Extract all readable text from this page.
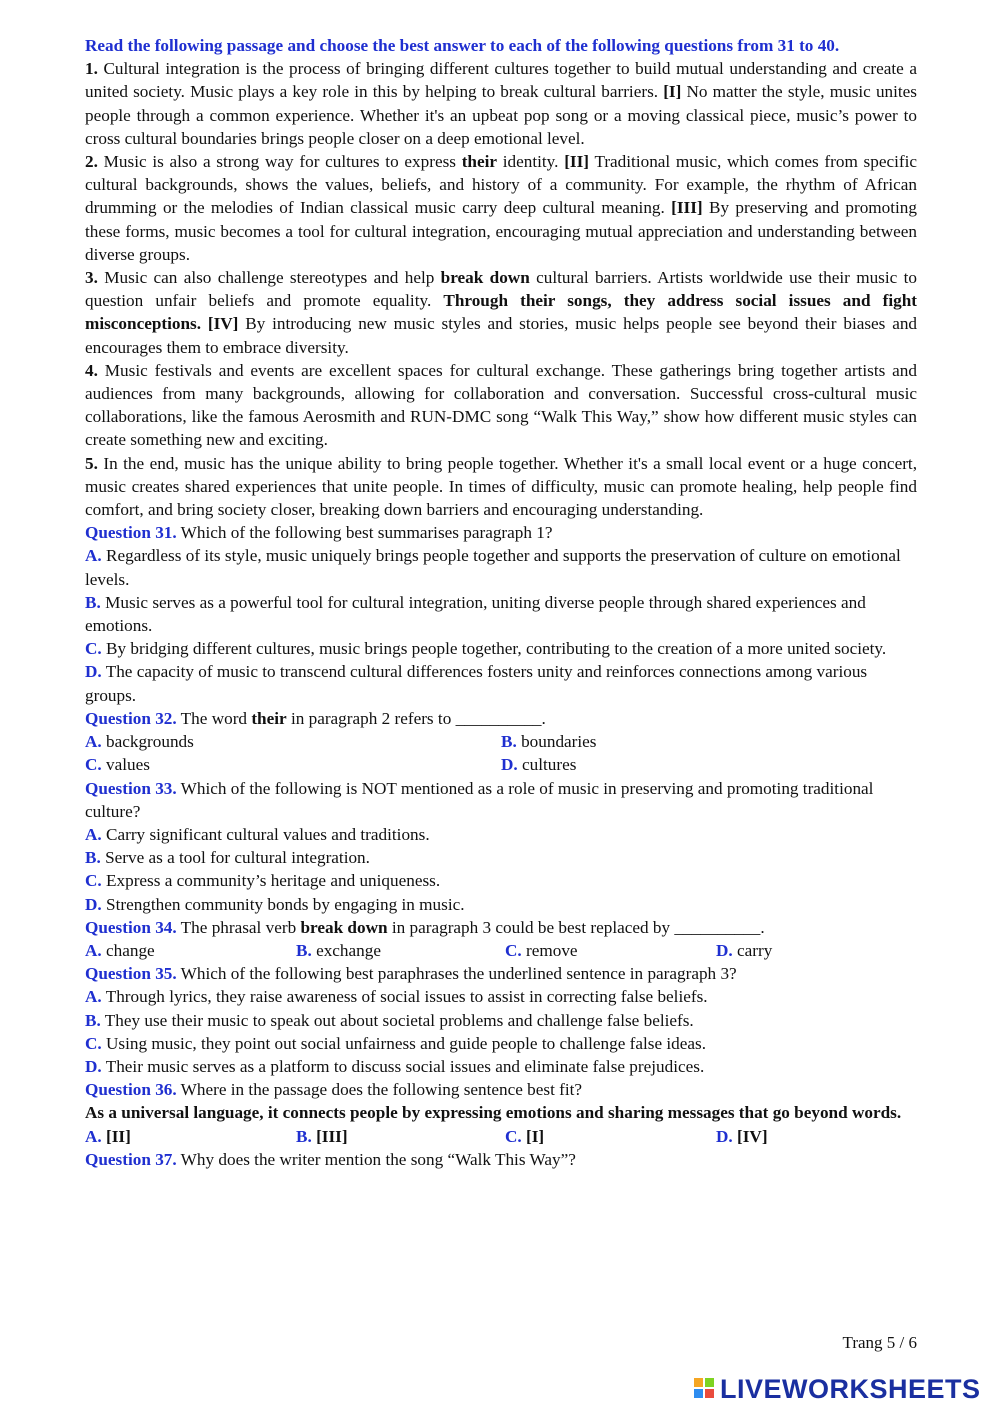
Read the following passage and choose the best answer to each of the following questions from 31 to 40.

1. Cultural integration is the process of bringing different cultures together to build mutual understanding and create a united society. Music plays a key role in this by helping to break cultural barriers. [I] No matter the style, music unites people through a common experience. Whether it's an upbeat pop song or a moving classical piece, music’s power to cross cultural boundaries brings people closer on a deep emotional level.

2. Music is also a strong way for cultures to express their identity. [II] Traditional music, which comes from specific cultural backgrounds, shows the values, beliefs, and history of a community. For example, the rhythm of African drumming or the melodies of Indian classical music carry deep cultural meaning. [III] By preserving and promoting these forms, music becomes a tool for cultural integration, encouraging mutual appreciation and understanding between diverse groups.

3. Music can also challenge stereotypes and help break down cultural barriers. Artists worldwide use their music to question unfair beliefs and promote equality. Through their songs, they address social issues and fight misconceptions. [IV] By introducing new music styles and stories, music helps people see beyond their biases and encourages them to embrace diversity.

4. Music festivals and events are excellent spaces for cultural exchange. These gatherings bring together artists and audiences from many backgrounds, allowing for collaboration and conversation. Successful cross-cultural music collaborations, like the famous Aerosmith and RUN-DMC song “Walk This Way,” show how different music styles can create something new and exciting.

5. In the end, music has the unique ability to bring people together. Whether it's a small local event or a huge concert, music creates shared experiences that unite people. In times of difficulty, music can promote healing, help people find comfort, and bring society closer, breaking down barriers and encouraging understanding.

Question 31. Which of the following best summarises paragraph 1?

A. Regardless of its style, music uniquely brings people together and supports the preservation of culture on emotional levels.

B. Music serves as a powerful tool for cultural integration, uniting diverse people through shared experiences and emotions.

C. By bridging different cultures, music brings people together, contributing to the creation of a more united society.

D. The capacity of music to transcend cultural differences fosters unity and reinforces connections among various groups.

Question 32. The word their in paragraph 2 refers to __________.

A. backgrounds	B. boundaries
C. values	D. cultures

Question 33. Which of the following is NOT mentioned as a role of music in preserving and promoting traditional culture?

A. Carry significant cultural values and traditions.

B. Serve as a tool for cultural integration.

C. Express a community’s heritage and uniqueness.

D. Strengthen community bonds by engaging in music.

Question 34. The phrasal verb break down in paragraph 3 could be best replaced by __________.

A. change	B. exchange	C. remove	D. carry

Question 35. Which of the following best paraphrases the underlined sentence in paragraph 3?

A. Through lyrics, they raise awareness of social issues to assist in correcting false beliefs.

B. They use their music to speak out about societal problems and challenge false beliefs.

C. Using music, they point out social unfairness and guide people to challenge false ideas.

D. Their music serves as a platform to discuss social issues and eliminate false prejudices.

Question 36. Where in the passage does the following sentence best fit?

As a universal language, it connects people by expressing emotions and sharing messages that go beyond words.

A. [II]	B. [III]	C. [I]	D. [IV]

Question 37. Why does the writer mention the song “Walk This Way”?

Trang 5 / 6
LIVEWORKSHEETS
